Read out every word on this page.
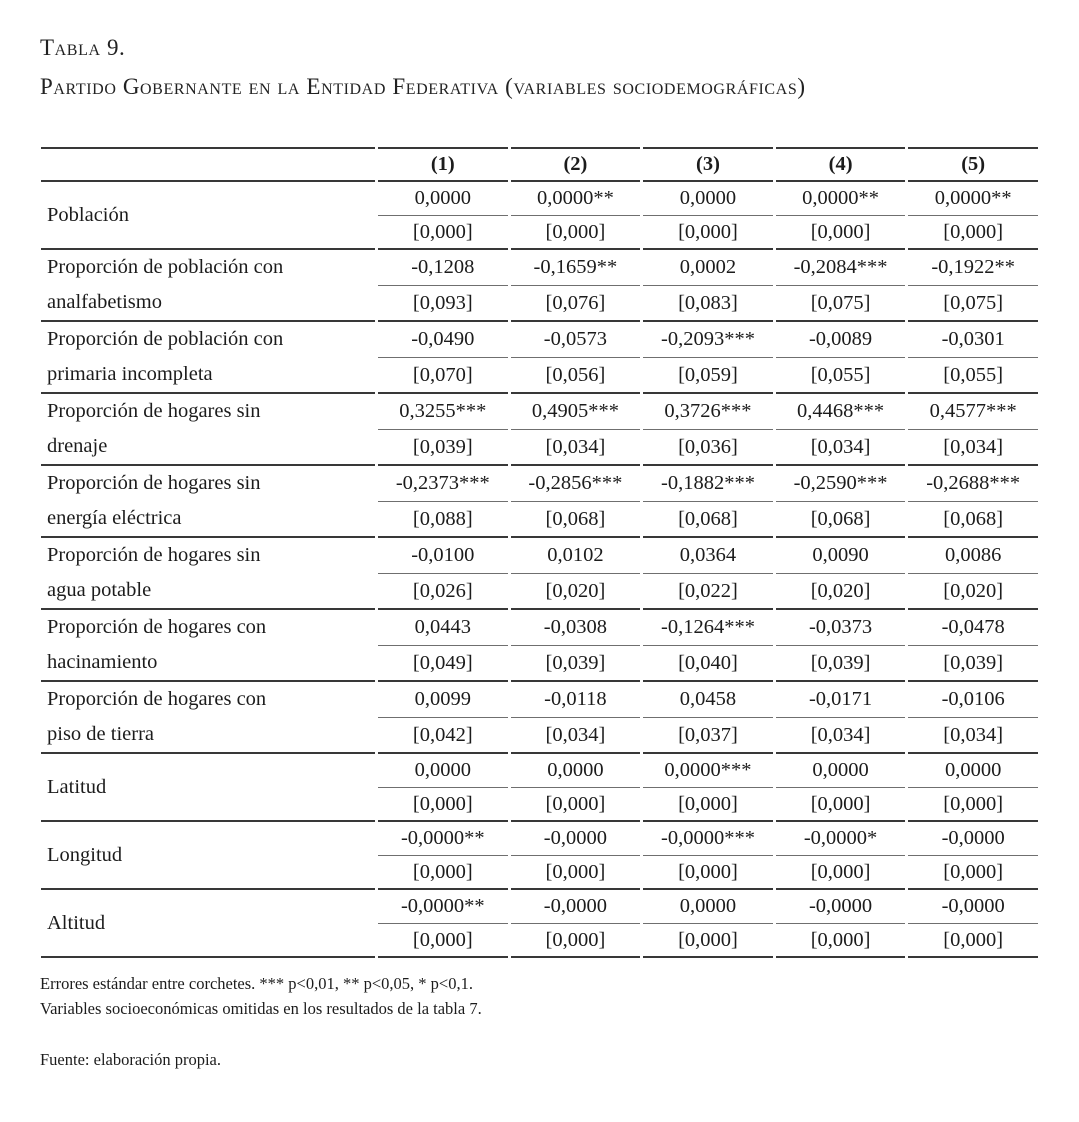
Tabla 9.
Partido Gobernante en la Entidad Federativa (variables sociodemográficas)
	(1)	(2)	(3)	(4)	(5)
Población	0,0000	0,0000**	0,0000	0,0000**	0,0000**
	[0,000]	[0,000]	[0,000]	[0,000]	[0,000]
Proporción de población con
analfabetismo	-0,1208	-0,1659**	0,0002	-0,2084***	-0,1922**
	[0,093]	[0,076]	[0,083]	[0,075]	[0,075]
Proporción de población con
primaria incompleta	-0,0490	-0,0573	-0,2093***	-0,0089	-0,0301
	[0,070]	[0,056]	[0,059]	[0,055]	[0,055]
Proporción de hogares sin
drenaje	0,3255***	0,4905***	0,3726***	0,4468***	0,4577***
	[0,039]	[0,034]	[0,036]	[0,034]	[0,034]
Proporción de hogares sin
energía eléctrica	-0,2373***	-0,2856***	-0,1882***	-0,2590***	-0,2688***
	[0,088]	[0,068]	[0,068]	[0,068]	[0,068]
Proporción de hogares sin
agua potable	-0,0100	0,0102	0,0364	0,0090	0,0086
	[0,026]	[0,020]	[0,022]	[0,020]	[0,020]
Proporción de hogares con
hacinamiento	0,0443	-0,0308	-0,1264***	-0,0373	-0,0478
	[0,049]	[0,039]	[0,040]	[0,039]	[0,039]
Proporción de hogares con
piso de tierra	0,0099	-0,0118	0,0458	-0,0171	-0,0106
	[0,042]	[0,034]	[0,037]	[0,034]	[0,034]
Latitud	0,0000	0,0000	0,0000***	0,0000	0,0000
	[0,000]	[0,000]	[0,000]	[0,000]	[0,000]
Longitud	-0,0000**	-0,0000	-0,0000***	-0,0000*	-0,0000
	[0,000]	[0,000]	[0,000]	[0,000]	[0,000]
Altitud	-0,0000**	-0,0000	0,0000	-0,0000	-0,0000
	[0,000]	[0,000]	[0,000]	[0,000]	[0,000]

Errores estándar entre corchetes. *** p<0,01, ** p<0,05, * p<0,1.

Variables socioeconómicas omitidas en los resultados de la tabla 7.

Fuente: elaboración propia.
